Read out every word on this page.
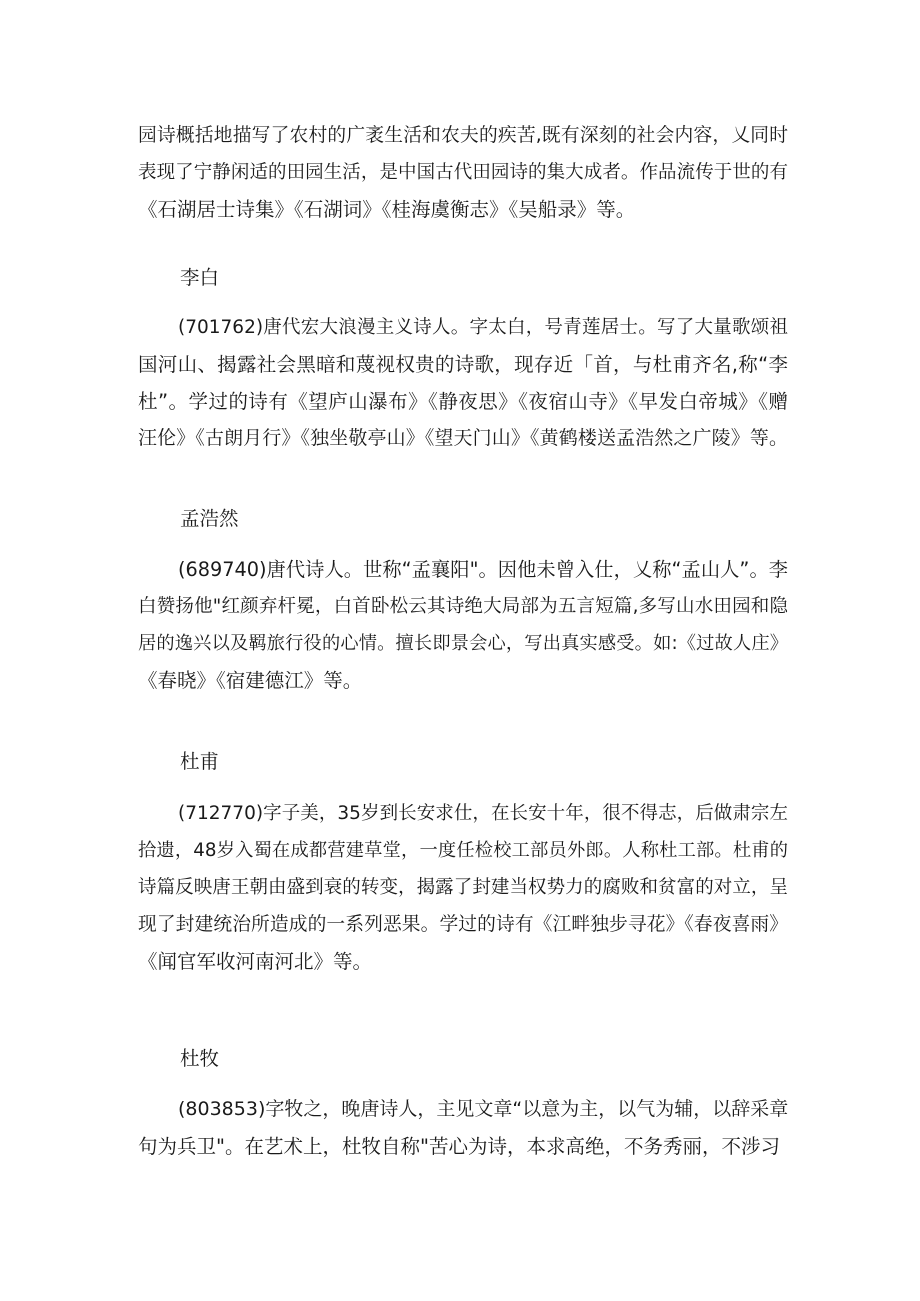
园诗概括地描写了农村的广袤生活和农夫的疾苦,既有深刻的社会内容，乂同时
表现了宁静闲适的田园生活，是中国古代田园诗的集大成者。作品流传于世的有
《石湖居士诗集》《石湖词》《桂海虞衡志》《吴船录》等。
李白
(701762)唐代宏大浪漫主义诗人。字太白，号青莲居士。写了大量歌颂祖
国河山、揭露社会黑暗和蔑视权贵的诗歌，现存近「首，与杜甫齐名,称“李
杜”。学过的诗有《望庐山瀑布》《静夜思》《夜宿山寺》《早发白帝城》《赠
汪伦》《古朗月行》《独坐敬亭山》《望天门山》《黄鹤楼送孟浩然之广陵》等。
孟浩然
(689740)唐代诗人。世称“孟襄阳"。因他未曾入仕，乂称“孟山人”。李
白赞扬他"红颜弃杆冕，白首卧松云其诗绝大局部为五言短篇,多写山水田园和隐
居的逸兴以及羁旅行役的心情。擅长即景会心，写出真实感受。如:《过故人庄》
《春晓》《宿建德江》等。
杜甫
(712770)字子美，35岁到长安求仕，在长安十年，很不得志，后做肃宗左
拾遗，48岁入蜀在成都营建草堂，一度任检校工部员外郎。人称杜工部。杜甫的
诗篇反映唐王朝由盛到衰的转变，揭露了封建当权势力的腐败和贫富的对立，呈
现了封建统治所造成的一系列恶果。学过的诗有《江畔独步寻花》《春夜喜雨》
《闻官军收河南河北》等。
杜牧
(803853)字牧之，晚唐诗人，主见文章“以意为主，以气为辅，以辞采章
句为兵卫"。在艺术上，杜牧自称"苦心为诗，本求高绝，不务秀丽，不涉习
